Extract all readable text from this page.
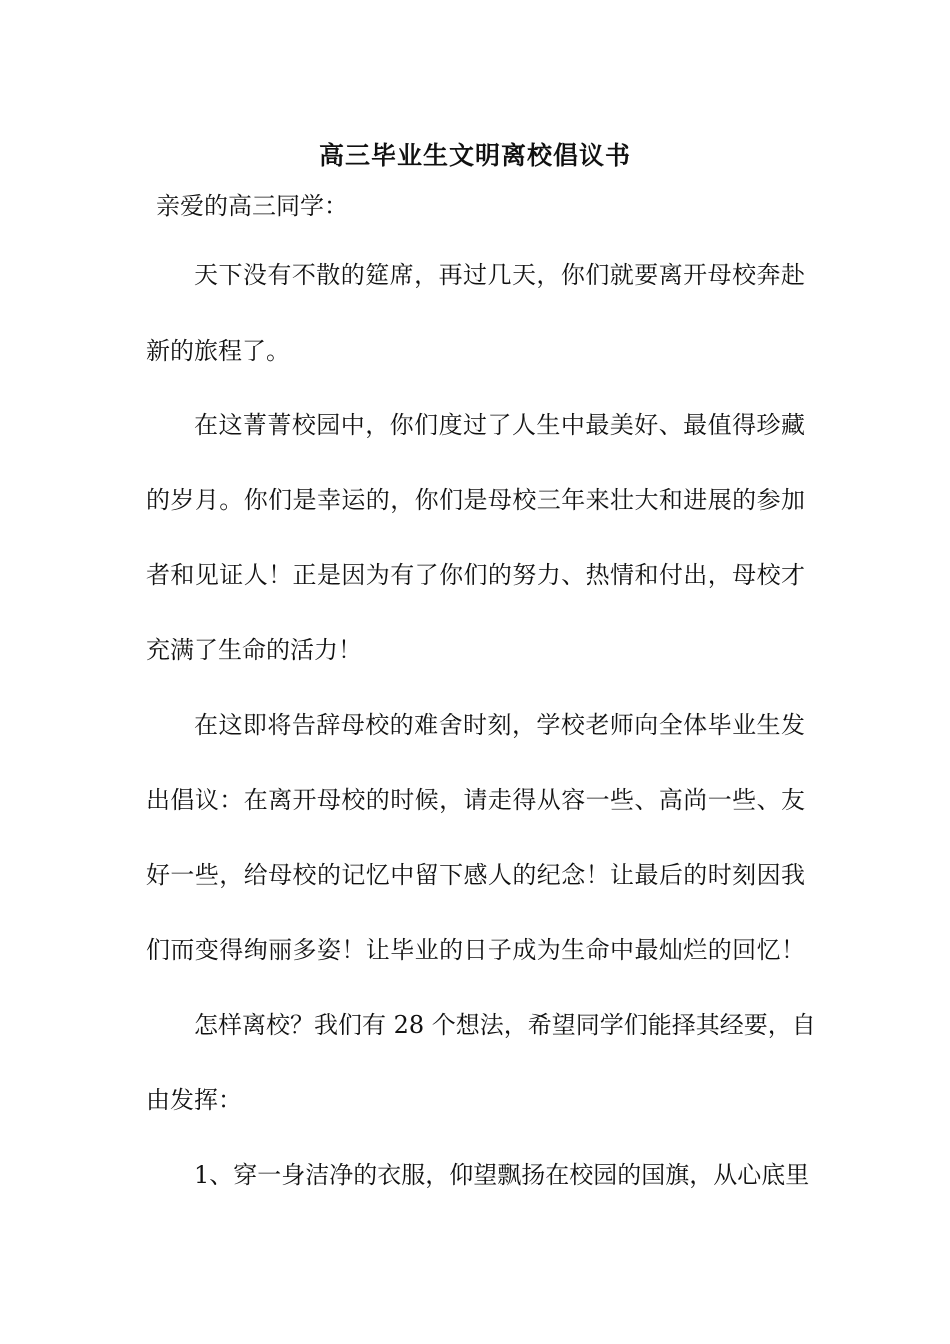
高三毕业生文明离校倡议书
亲爱的高三同学：
天下没有不散的筵席，再过几天，你们就要离开母校奔赴
新的旅程了。
在这菁菁校园中，你们度过了人生中最美好、最值得珍藏
的岁月。你们是幸运的，你们是母校三年来壮大和进展的参加
者和见证人！正是因为有了你们的努力、热情和付出，母校才
充满了生命的活力！
在这即将告辞母校的难舍时刻，学校老师向全体毕业生发
出倡议：在离开母校的时候，请走得从容一些、高尚一些、友
好一些，给母校的记忆中留下感人的纪念！让最后的时刻因我
们而变得绚丽多姿！让毕业的日子成为生命中最灿烂的回忆！
怎样离校？我们有 28 个想法，希望同学们能择其经要，自
由发挥：
1、穿一身洁净的衣服，仰望飘扬在校园的国旗，从心底里
